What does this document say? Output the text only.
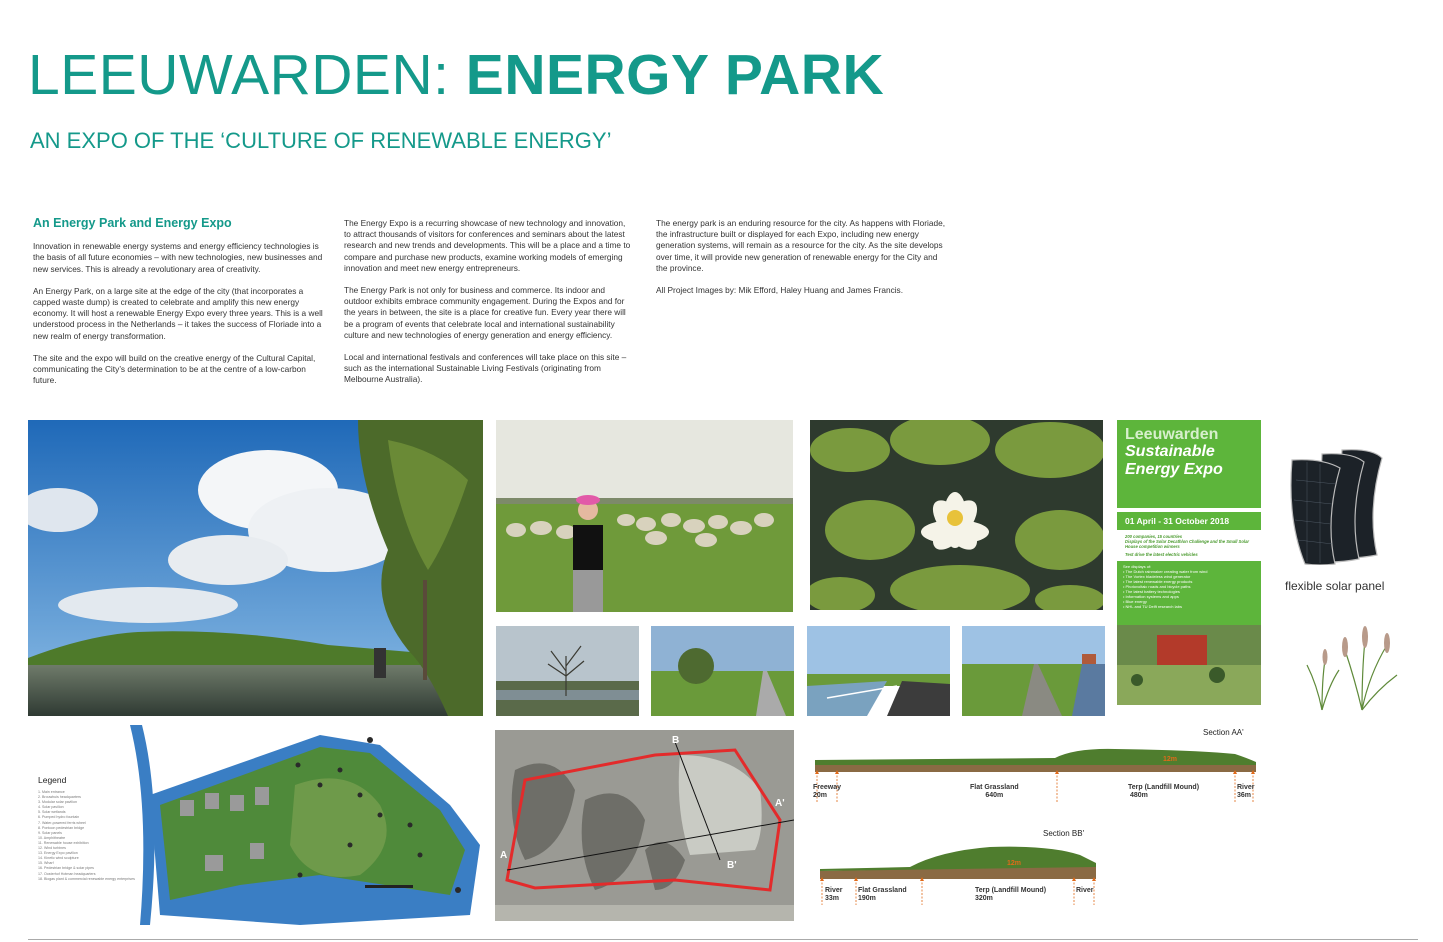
LEEUWARDEN: ENERGY PARK
AN EXPO OF THE ‘CULTURE OF RENEWABLE ENERGY’
An Energy Park and Energy Expo

Innovation in renewable energy systems and energy efficiency technologies is the basis of all future economies – with new technologies, new businesses and new services. This is already a revolutionary area of creativity.

An Energy Park, on a large site at the edge of the city (that incorporates a capped waste dump) is created to celebrate and amplify this new energy economy. It will host a renewable Energy Expo every three years. This is a well understood process in the Netherlands – it takes the success of Floriade into a new realm of energy transformation.

The site and the expo will build on the creative energy of the Cultural Capital, communicating the City’s determination to be at the centre of a low-carbon future.

The Energy Expo is a recurring showcase of new technology and innovation, to attract thousands of visitors for conferences and seminars about the latest research and new trends and developments. This will be a place and a time to compare and purchase new products, examine working models of emerging innovation and meet new energy entrepreneurs.

The Energy Park is not only for business and commerce. Its indoor and outdoor exhibits embrace community engagement. During the Expos and for the years in between, the site is a place for creative fun. Every year there will be a program of events that celebrate local and international sustainability culture and new technologies of energy generation and energy efficiency.

Local and international festivals and conferences will take place on this site – such as the international Sustainable Living Festivals (originating from Melbourne Australia).

The energy park is an enduring resource for the city. As happens with Floriade, the infrastructure built or displayed for each Expo, including new energy generation systems, will remain as a resource for the city. As the site develops over time, it will provide new generation of renewable energy for the City and the province.

All Project Images by: Mik Efford, Haley Huang and James Francis.

Leeuwarden
Sustainable
Energy Expo
01 April - 31 October 2018
200 companies, 15 countries
Displays of the Solar Decathlon Challenge and the Small Solar House competition winners
Test drive the latest electric vehicles
See displays of:
• The Dutch rainmaker creating water from wind
• The Vortex bladeless wind generator
• The latest renewable energy products
• Photovoltaic roads and bicycle paths
• The latest battery technologies
• Information systems and apps
• Blue energy
• NHL and TU Delft research labs
flexible solar panel
Legend
1. Main entrance
2. Brouwhuis headquarters
3. Modular solar pavilion
4. Solar pavilion
5. Solar wetlands
6. Pumped hydro fountain
7. Water-powered ferris wheel
8. Pontoon pedestrian bridge
9. Solar panels
10. Amphitheatre
11. Renewable house exhibition
12. Wind turbines
13. Energy Expo pavilion
14. Kinetic wind sculpture
15. Wharf
16. Pedestrian bridge & solar pipes
17. Oosterhof Hotman headquarters
18. Biogas plant & commercial renewable energy enterprises
B
A
B'
A'
Section AA'
12m
Freeway
20m
Flat Grassland
640m
Terp (Landfill Mound)
480m
River
36m
Section BB'
12m
River
33m
Flat Grassland
190m
Terp (Landfill Mound)
320m
River
